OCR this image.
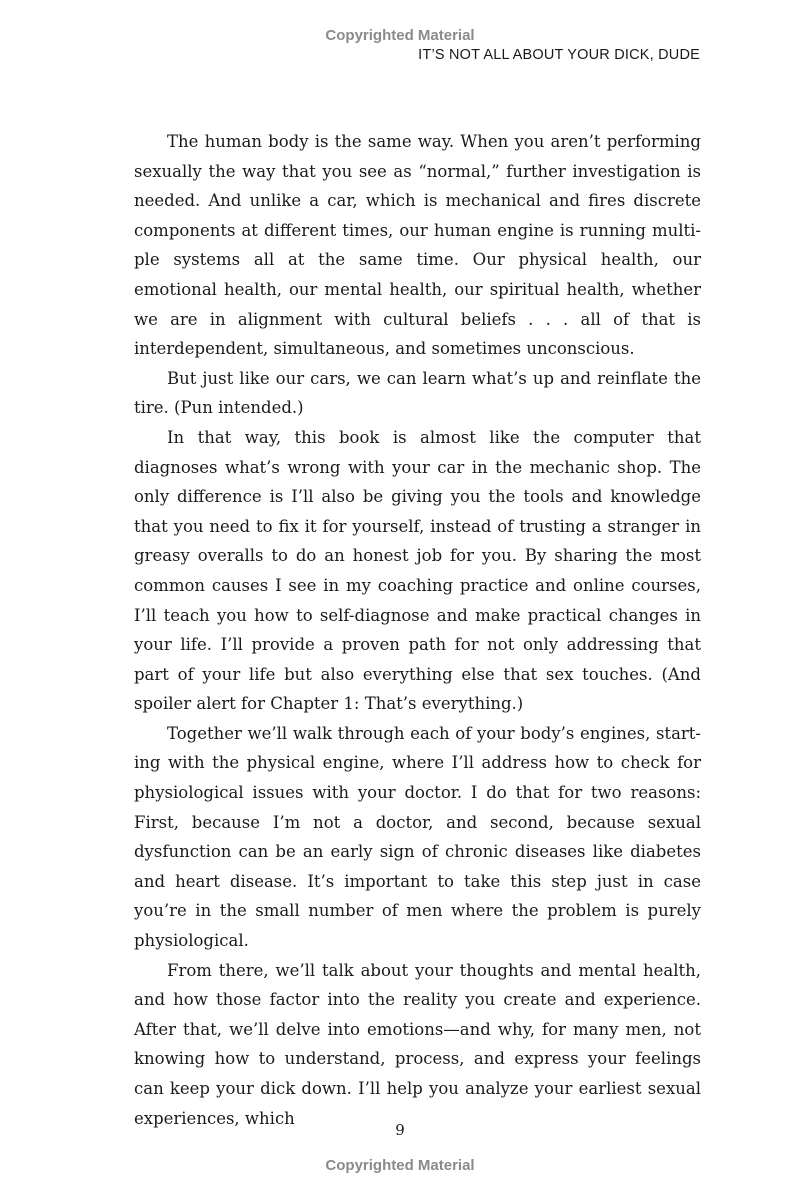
Copyrighted Material
IT’S NOT ALL ABOUT YOUR DICK, DUDE

The human body is the same way. When you aren’t performing sexually the way that you see as “normal,” further investigation is needed. And unlike a car, which is mechanical and fires discrete components at different times, our human engine is running multiple systems all at the same time. Our physical health, our emotional health, our mental health, our spiritual health, whether we are in alignment with cultural beliefs . . . all of that is interdependent, simultaneous, and sometimes unconscious.

But just like our cars, we can learn what’s up and reinflate the tire. (Pun intended.)

In that way, this book is almost like the computer that diagnoses what’s wrong with your car in the mechanic shop. The only difference is I’ll also be giving you the tools and knowledge that you need to fix it for yourself, instead of trusting a stranger in greasy overalls to do an honest job for you. By sharing the most common causes I see in my coaching practice and online courses, I’ll teach you how to self-diagnose and make practical changes in your life. I’ll provide a proven path for not only addressing that part of your life but also everything else that sex touches. (And spoiler alert for Chapter 1: That’s everything.)

Together we’ll walk through each of your body’s engines, starting with the physical engine, where I’ll address how to check for physiological issues with your doctor. I do that for two reasons: First, because I’m not a doctor, and second, because sexual dysfunction can be an early sign of chronic diseases like diabetes and heart disease. It’s important to take this step just in case you’re in the small number of men where the problem is purely physiological.

From there, we’ll talk about your thoughts and mental health, and how those factor into the reality you create and experience. After that, we’ll delve into emotions—and why, for many men, not knowing how to understand, process, and express your feelings can keep your dick down. I’ll help you analyze your earliest sexual experiences, which

9
Copyrighted Material
